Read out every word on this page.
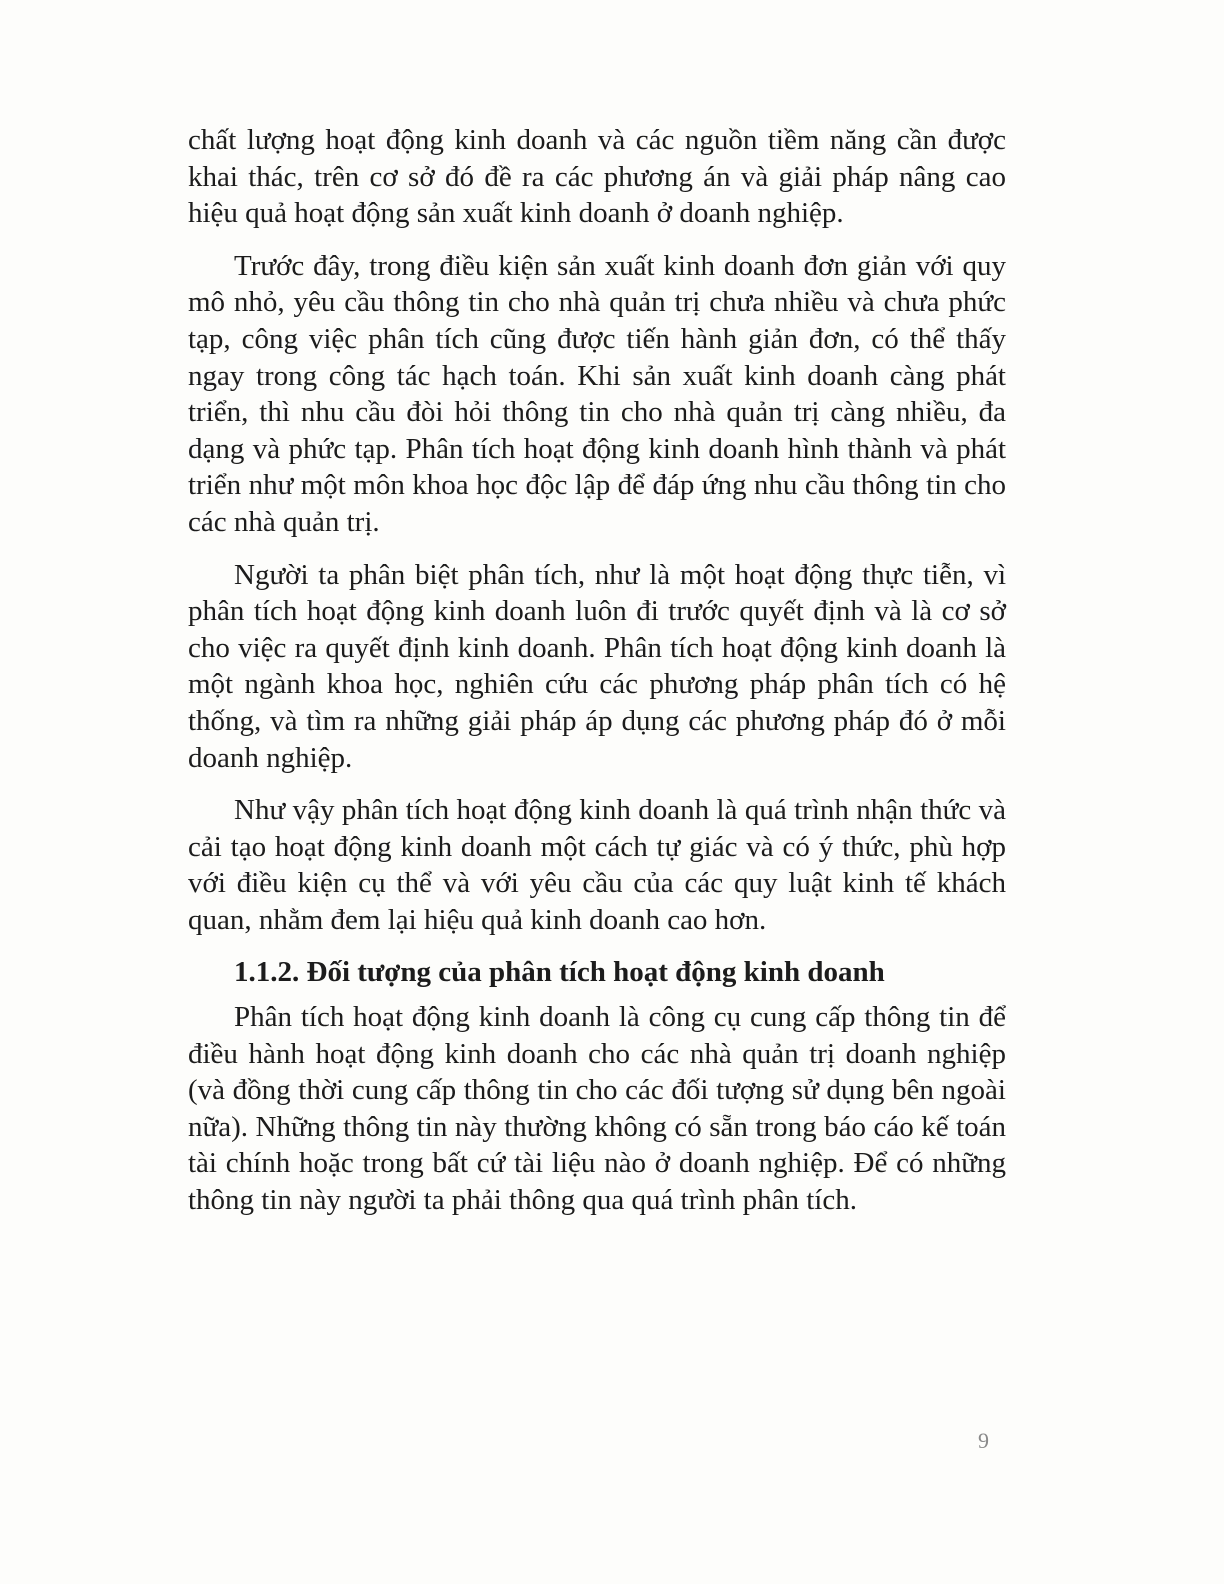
chất lượng hoạt động kinh doanh và các nguồn tiềm năng cần được khai thác, trên cơ sở đó đề ra các phương án và giải pháp nâng cao hiệu quả hoạt động sản xuất kinh doanh ở doanh nghiệp.

Trước đây, trong điều kiện sản xuất kinh doanh đơn giản với quy mô nhỏ, yêu cầu thông tin cho nhà quản trị chưa nhiều và chưa phức tạp, công việc phân tích cũng được tiến hành giản đơn, có thể thấy ngay trong công tác hạch toán. Khi sản xuất kinh doanh càng phát triển, thì nhu cầu đòi hỏi thông tin cho nhà quản trị càng nhiều, đa dạng và phức tạp. Phân tích hoạt động kinh doanh hình thành và phát triển như một môn khoa học độc lập để đáp ứng nhu cầu thông tin cho các nhà quản trị.

Người ta phân biệt phân tích, như là một hoạt động thực tiễn, vì phân tích hoạt động kinh doanh luôn đi trước quyết định và là cơ sở cho việc ra quyết định kinh doanh. Phân tích hoạt động kinh doanh là một ngành khoa học, nghiên cứu các phương pháp phân tích có hệ thống, và tìm ra những giải pháp áp dụng các phương pháp đó ở mỗi doanh nghiệp.

Như vậy phân tích hoạt động kinh doanh là quá trình nhận thức và cải tạo hoạt động kinh doanh một cách tự giác và có ý thức, phù hợp với điều kiện cụ thể và với yêu cầu của các quy luật kinh tế khách quan, nhằm đem lại hiệu quả kinh doanh cao hơn.

1.1.2. Đối tượng của phân tích hoạt động kinh doanh

Phân tích hoạt động kinh doanh là công cụ cung cấp thông tin để điều hành hoạt động kinh doanh cho các nhà quản trị doanh nghiệp (và đồng thời cung cấp thông tin cho các đối tượng sử dụng bên ngoài nữa). Những thông tin này thường không có sẵn trong báo cáo kế toán tài chính hoặc trong bất cứ tài liệu nào ở doanh nghiệp. Để có những thông tin này người ta phải thông qua quá trình phân tích.

9
